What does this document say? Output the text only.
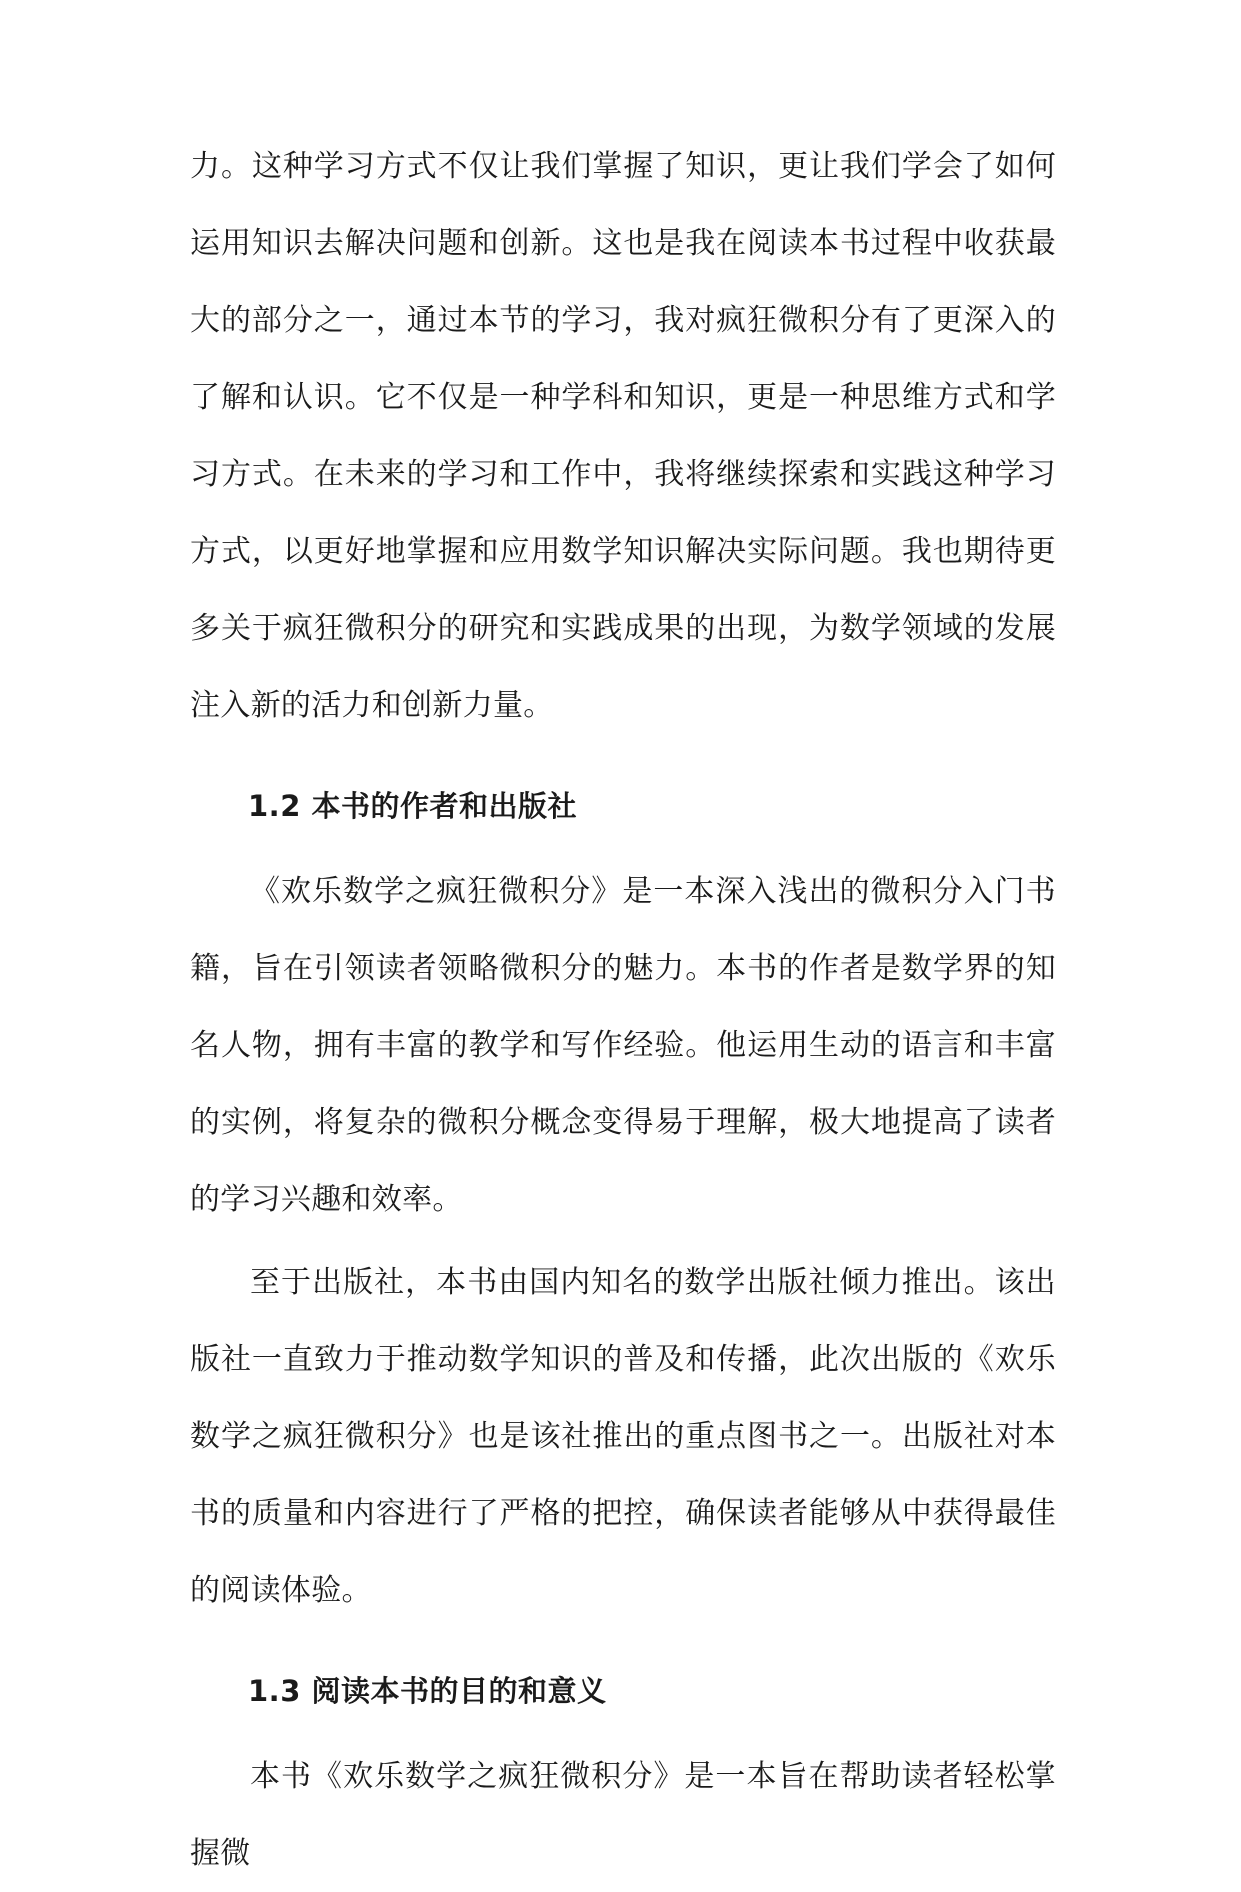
力。这种学习方式不仅让我们掌握了知识，更让我们学会了如何运用知识去解决问题和创新。这也是我在阅读本书过程中收获最大的部分之一，通过本节的学习，我对疯狂微积分有了更深入的了解和认识。它不仅是一种学科和知识，更是一种思维方式和学习方式。在未来的学习和工作中，我将继续探索和实践这种学习方式，以更好地掌握和应用数学知识解决实际问题。我也期待更多关于疯狂微积分的研究和实践成果的出现，为数学领域的发展注入新的活力和创新力量。

1.2 本书的作者和出版社

《欢乐数学之疯狂微积分》是一本深入浅出的微积分入门书籍，旨在引领读者领略微积分的魅力。本书的作者是数学界的知名人物，拥有丰富的教学和写作经验。他运用生动的语言和丰富的实例，将复杂的微积分概念变得易于理解，极大地提高了读者的学习兴趣和效率。

至于出版社，本书由国内知名的数学出版社倾力推出。该出版社一直致力于推动数学知识的普及和传播，此次出版的《欢乐数学之疯狂微积分》也是该社推出的重点图书之一。出版社对本书的质量和内容进行了严格的把控，确保读者能够从中获得最佳的阅读体验。

1.3 阅读本书的目的和意义

本书《欢乐数学之疯狂微积分》是一本旨在帮助读者轻松掌握微
